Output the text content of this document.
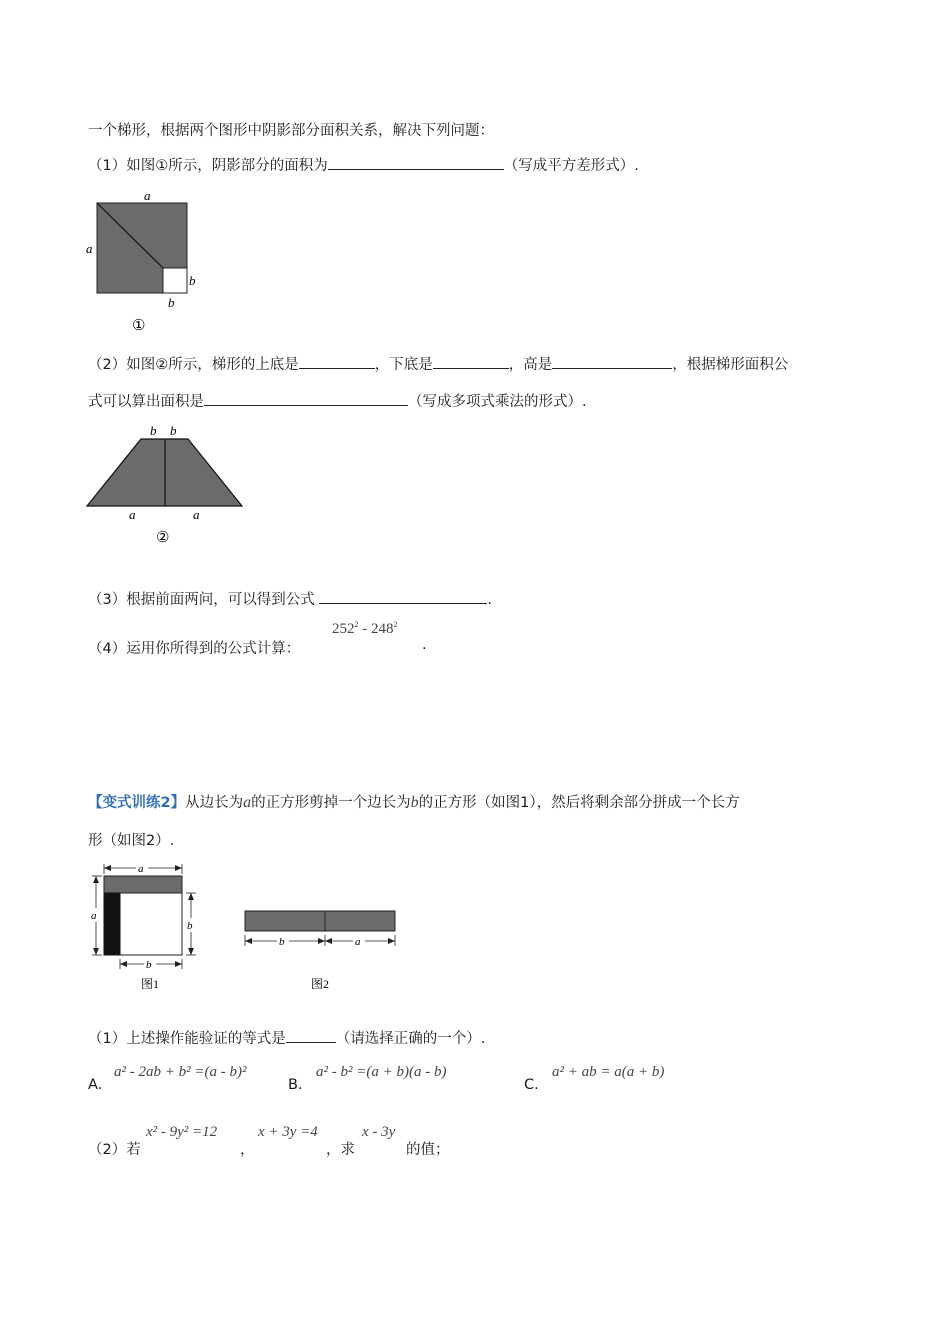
一个梯形，根据两个图形中阴影部分面积关系，解决下列问题：
（1）如图①所示，阴影部分的面积为	（写成平方差形式）.
a
a
b
b
①
（2）如图②所示，梯形的上底是	，下底是	，高是	，根据梯形面积公
式可以算出面积是	（写成多项式乘法的形式）.
b b
a	a
②
（3）根据前面两问，可以得到公式	.
（4）运用你所得到的公式计算：
$252^2 - 248^2$
.
【变式训练2】从边长为a的正方形剪掉一个边长为b的正方形（如图1），然后将剩余部分拼成一个长方
形（如图2）.
a
a
b
b
图1
b	a
图2
（1）上述操作能验证的等式是	（请选择正确的一个）.
A.
a² - 2ab + b² =(a - b)²
B.
a² - b² =(a + b)(a - b)
C.
a² + ab = a(a + b)
（2）若
x² - 9y² =12
，
x + 3y =4
，求
x - 3y
的值；
